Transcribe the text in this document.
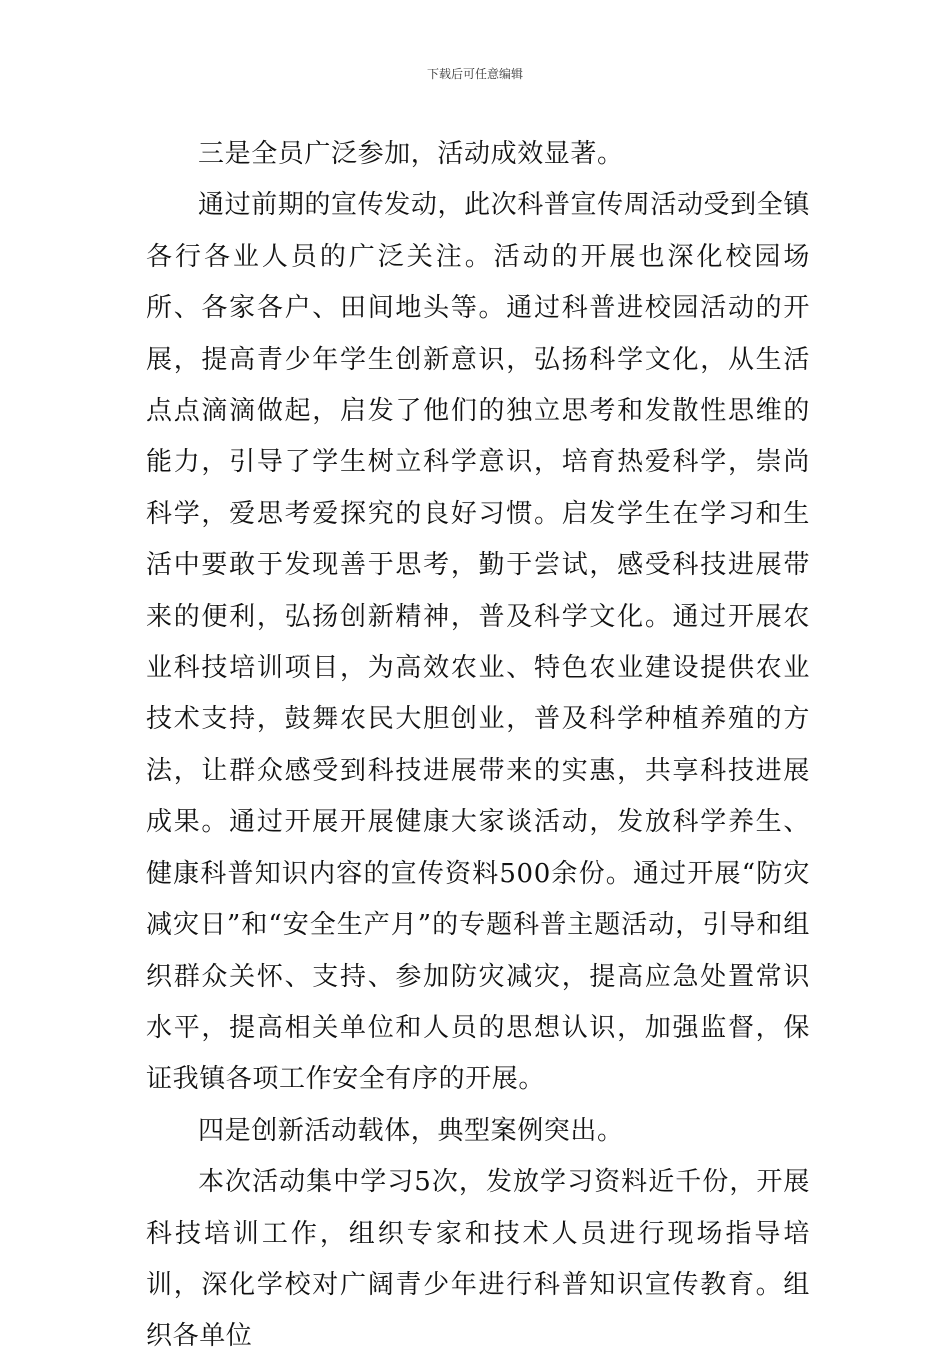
下载后可任意编辑

三是全员广泛参加，活动成效显著。

通过前期的宣传发动，此次科普宣传周活动受到全镇各行各业人员的广泛关注。活动的开展也深化校园场所、各家各户、田间地头等。通过科普进校园活动的开展，提高青少年学生创新意识，弘扬科学文化，从生活点点滴滴做起，启发了他们的独立思考和发散性思维的能力，引导了学生树立科学意识，培育热爱科学，崇尚科学，爱思考爱探究的良好习惯。启发学生在学习和生活中要敢于发现善于思考，勤于尝试，感受科技进展带来的便利，弘扬创新精神，普及科学文化。通过开展农业科技培训项目，为高效农业、特色农业建设提供农业技术支持，鼓舞农民大胆创业，普及科学种植养殖的方法，让群众感受到科技进展带来的实惠，共享科技进展成果。通过开展开展健康大家谈活动，发放科学养生、健康科普知识内容的宣传资料500余份。通过开展“防灾减灾日”和“安全生产月”的专题科普主题活动，引导和组织群众关怀、支持、参加防灾减灾，提高应急处置常识水平，提高相关单位和人员的思想认识，加强监督，保证我镇各项工作安全有序的开展。

四是创新活动载体，典型案例突出。

本次活动集中学习5次，发放学习资料近千份，开展科技培训工作，组织专家和技术人员进行现场指导培训，深化学校对广阔青少年进行科普知识宣传教育。组织各单位
